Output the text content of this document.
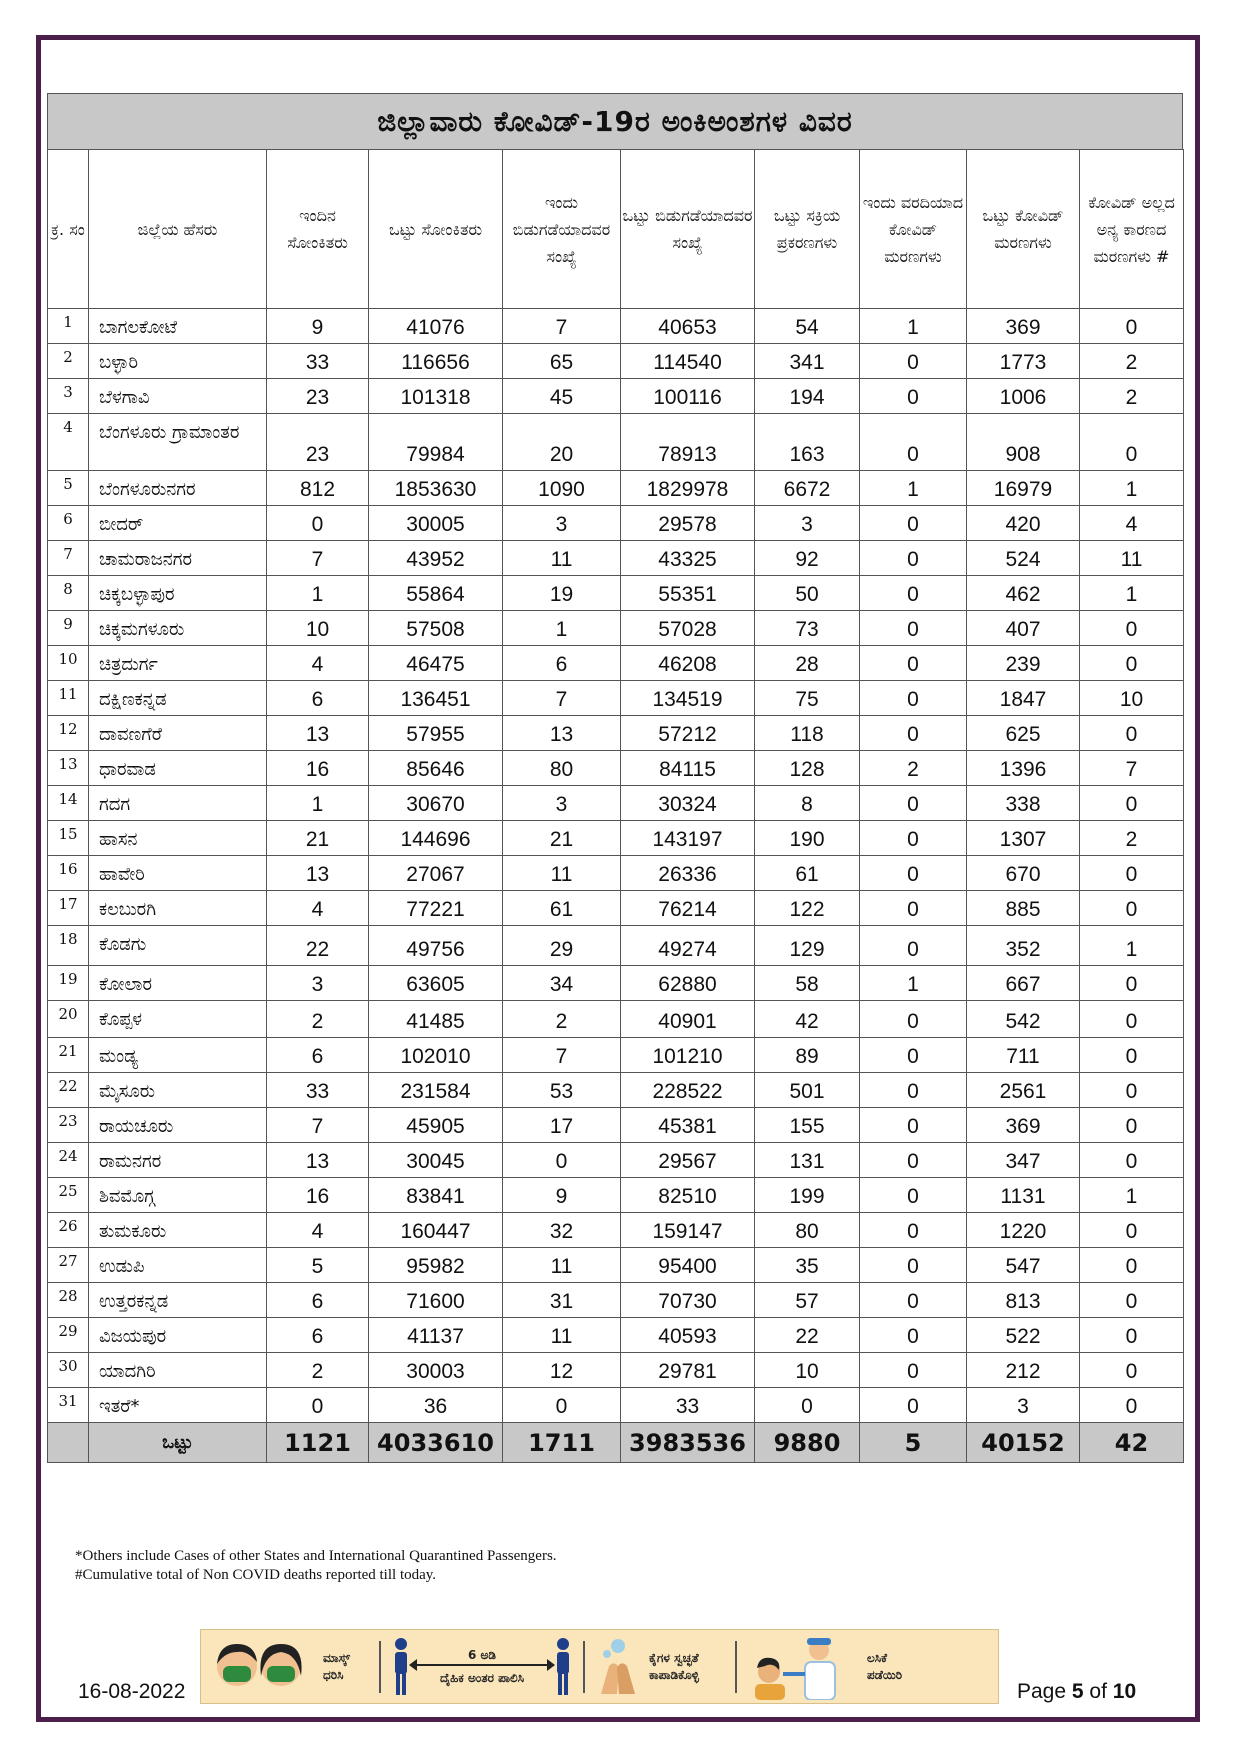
ಜಿಲ್ಲಾವಾರು ಕೋವಿಡ್-19ರ ಅಂಕಿಅಂಶಗಳ ವಿವರ
ಕ್ರ. ಸಂ	ಜಿಲ್ಲೆಯ ಹೆಸರು	ಇಂದಿನ ಸೋಂಕಿತರು	ಒಟ್ಟು ಸೋಂಕಿತರು	ಇಂದು ಬಿಡುಗಡೆಯಾದವರ ಸಂಖ್ಯೆ	ಒಟ್ಟು ಬಿಡುಗಡೆಯಾದವರ ಸಂಖ್ಯೆ	ಒಟ್ಟು ಸಕ್ರಿಯ ಪ್ರಕರಣಗಳು	ಇಂದು ವರದಿಯಾದ ಕೋವಿಡ್ ಮರಣಗಳು	ಒಟ್ಟು ಕೋವಿಡ್ ಮರಣಗಳು	ಕೋವಿಡ್ ಅಲ್ಲದ ಅನ್ಯ ಕಾರಣದ ಮರಣಗಳು #
1	ಬಾಗಲಕೋಟೆ	9	41076	7	40653	54	1	369	0
2	ಬಳ್ಳಾರಿ	33	116656	65	114540	341	0	1773	2
3	ಬೆಳಗಾವಿ	23	101318	45	100116	194	0	1006	2
4	ಬೆಂಗಳೂರು ಗ್ರಾಮಾಂತರ	23	79984	20	78913	163	0	908	0
5	ಬೆಂಗಳೂರುನಗರ	812	1853630	1090	1829978	6672	1	16979	1
6	ಬೀದರ್	0	30005	3	29578	3	0	420	4
7	ಚಾಮರಾಜನಗರ	7	43952	11	43325	92	0	524	11
8	ಚಿಕ್ಕಬಳ್ಳಾಪುರ	1	55864	19	55351	50	0	462	1
9	ಚಿಕ್ಕಮಗಳೂರು	10	57508	1	57028	73	0	407	0
10	ಚಿತ್ರದುರ್ಗ	4	46475	6	46208	28	0	239	0
11	ದಕ್ಷಿಣಕನ್ನಡ	6	136451	7	134519	75	0	1847	10
12	ದಾವಣಗೆರೆ	13	57955	13	57212	118	0	625	0
13	ಧಾರವಾಡ	16	85646	80	84115	128	2	1396	7
14	ಗದಗ	1	30670	3	30324	8	0	338	0
15	ಹಾಸನ	21	144696	21	143197	190	0	1307	2
16	ಹಾವೇರಿ	13	27067	11	26336	61	0	670	0
17	ಕಲಬುರಗಿ	4	77221	61	76214	122	0	885	0
18	ಕೊಡಗು	22	49756	29	49274	129	0	352	1
19	ಕೋಲಾರ	3	63605	34	62880	58	1	667	0
20	ಕೊಪ್ಪಳ	2	41485	2	40901	42	0	542	0
21	ಮಂಡ್ಯ	6	102010	7	101210	89	0	711	0
22	ಮೈಸೂರು	33	231584	53	228522	501	0	2561	0
23	ರಾಯಚೂರು	7	45905	17	45381	155	0	369	0
24	ರಾಮನಗರ	13	30045	0	29567	131	0	347	0
25	ಶಿವಮೊಗ್ಗ	16	83841	9	82510	199	0	1131	1
26	ತುಮಕೂರು	4	160447	32	159147	80	0	1220	0
27	ಉಡುಪಿ	5	95982	11	95400	35	0	547	0
28	ಉತ್ತರಕನ್ನಡ	6	71600	31	70730	57	0	813	0
29	ವಿಜಯಪುರ	6	41137	11	40593	22	0	522	0
30	ಯಾದಗಿರಿ	2	30003	12	29781	10	0	212	0
31	ಇತರೆ*	0	36	0	33	0	0	3	0
	ಒಟ್ಟು	1121	4033610	1711	3983536	9880	5	40152	42
*Others include Cases of other States and International Quarantined Passengers.
#Cumulative total of Non COVID deaths reported till today.
ಮಾಸ್ಕ್ ಧರಿಸಿ
6 ಅಡಿ
ದೈಹಿಕ ಅಂತರ ಪಾಲಿಸಿ
ಕೈಗಳ ಸ್ವಚ್ಛತೆ ಕಾಪಾಡಿಕೊಳ್ಳಿ
ಲಸಿಕೆ ಪಡೆಯಿರಿ
16-08-2022	Page 5 of 10
